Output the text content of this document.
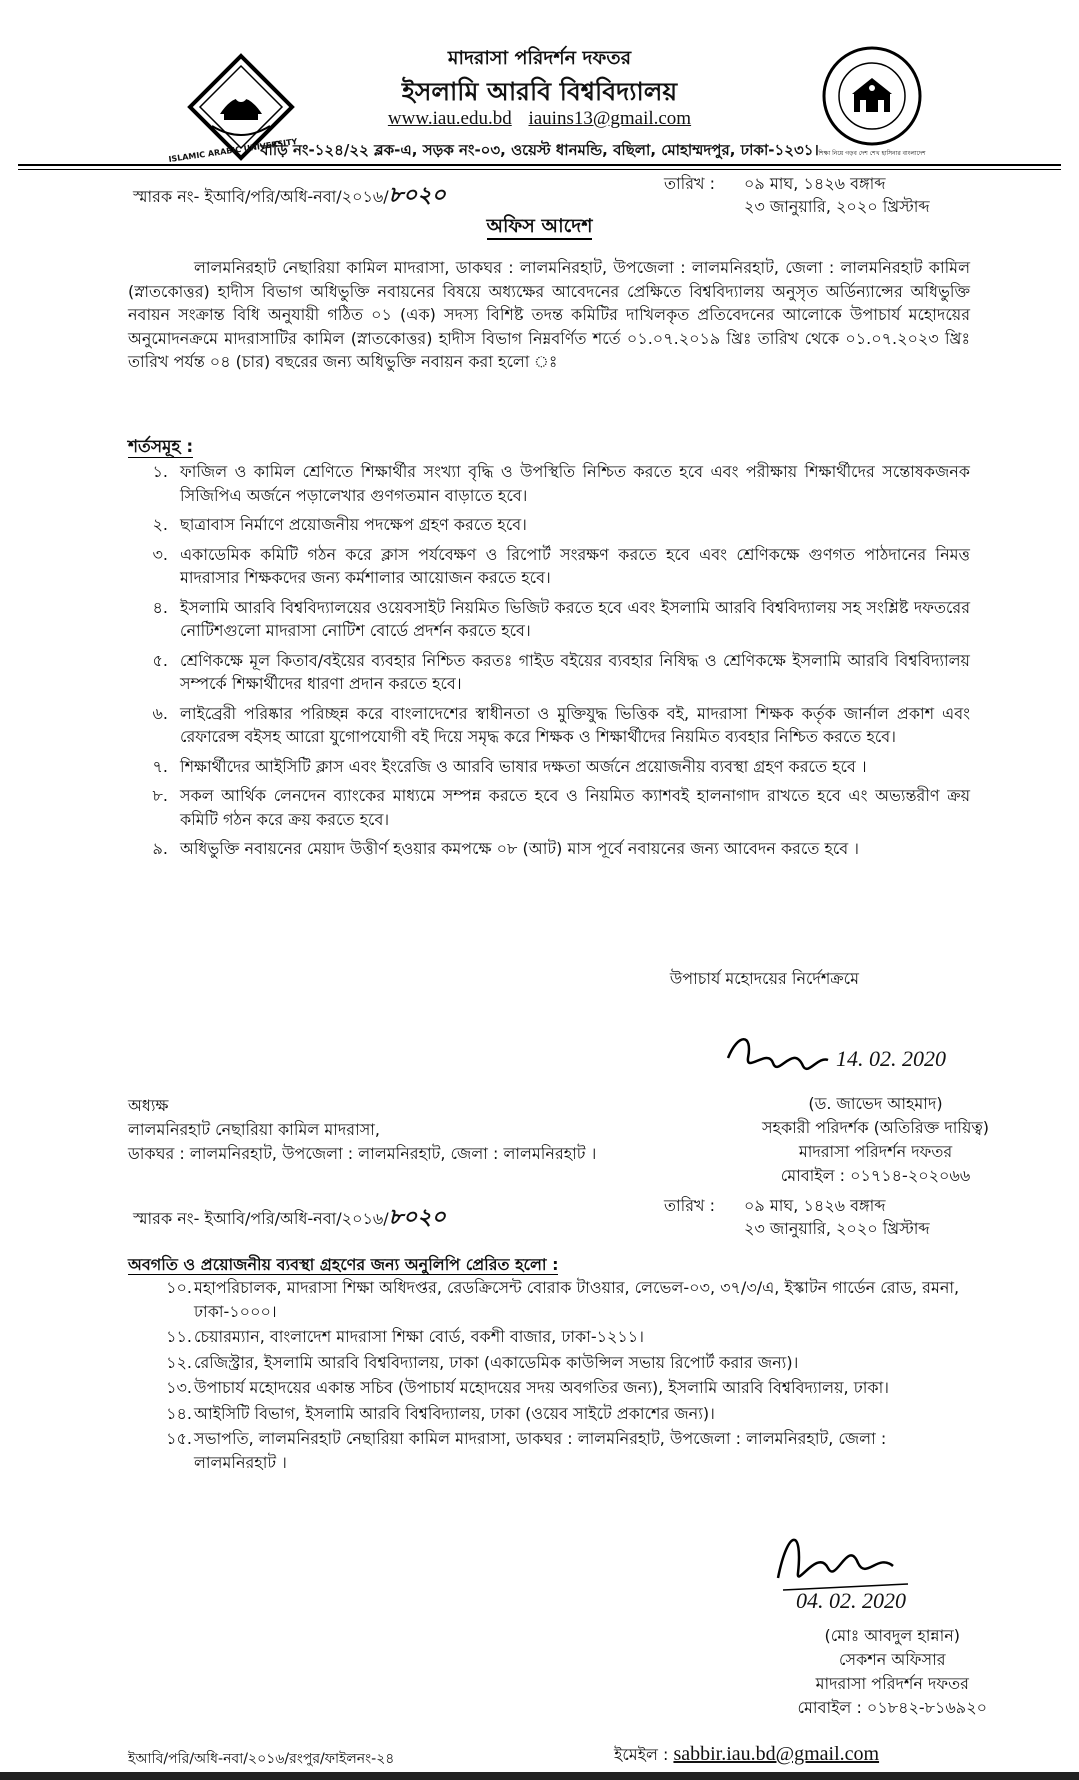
ISLAMIC ARABIC UNIVERSITY	শিক্ষা নিয়ে গড়ব দেশ শেখ হাসিনার বাংলাদেশ
মাদরাসা পরিদর্শন দফতর
ইসলামি আরবি বিশ্ববিদ্যালয়
www.iau.edu.bd iauins13@gmail.com
বাড়ি নং-১২৪/২২ ব্লক-এ, সড়ক নং-০৩, ওয়েস্ট ধানমন্ডি, বছিলা, মোহাম্মদপুর, ঢাকা-১২৩১।
স্মারক নং- ইআবি/পরি/অধি-নবা/২০১৬/৮০২০	তারিখ :	০৯ মাঘ, ১৪২৬ বঙ্গাব্দ
২৩ জানুয়ারি, ২০২০ খ্রিস্টাব্দ
অফিস আদেশ
লালমনিরহাট নেছারিয়া কামিল মাদরাসা, ডাকঘর : লালমনিরহাট, উপজেলা : লালমনিরহাট, জেলা : লালমনিরহাট কামিল (স্নাতকোত্তর) হাদীস বিভাগ অধিভুক্তি নবায়নের বিষয়ে অধ্যক্ষের আবেদনের প্রেক্ষিতে বিশ্ববিদ্যালয় অনুসৃত অর্ডিন্যান্সের অধিভুক্তি নবায়ন সংক্রান্ত বিধি অনুযায়ী গঠিত ০১ (এক) সদস্য বিশিষ্ট তদন্ত কমিটির দাখিলকৃত প্রতিবেদনের আলোকে উপাচার্য মহোদয়ের অনুমোদনক্রমে মাদরাসাটির কামিল (স্নাতকোত্তর) হাদীস বিভাগ নিম্নবর্ণিত শর্তে ০১.০৭.২০১৯ খ্রিঃ তারিখ থেকে ০১.০৭.২০২৩ খ্রিঃ তারিখ পর্যন্ত ০৪ (চার) বছরের জন্য অধিভুক্তি নবায়ন করা হলো ঃ
শর্তসমূহ :
১. ফাজিল ও কামিল শ্রেণিতে শিক্ষার্থীর সংখ্যা বৃদ্ধি ও উপস্থিতি নিশ্চিত করতে হবে এবং পরীক্ষায় শিক্ষার্থীদের সন্তোষকজনক সিজিপিএ অর্জনে পড়ালেখার গুণগতমান বাড়াতে হবে।
২. ছাত্রাবাস নির্মাণে প্রয়োজনীয় পদক্ষেপ গ্রহণ করতে হবে।
৩. একাডেমিক কমিটি গঠন করে ক্লাস পর্যবেক্ষণ ও রিপোর্ট সংরক্ষণ করতে হবে এবং শ্রেণিকক্ষে গুণগত পাঠদানের নিমত্ত মাদরাসার শিক্ষকদের জন্য কর্মশালার আয়োজন করতে হবে।
৪. ইসলামি আরবি বিশ্ববিদ্যালয়ের ওয়েবসাইট নিয়মিত ভিজিট করতে হবে এবং ইসলামি আরবি বিশ্ববিদ্যালয় সহ সংশ্লিষ্ট দফতরের নোটিশগুলো মাদরাসা নোটিশ বোর্ডে প্রদর্শন করতে হবে।
৫. শ্রেণিকক্ষে মূল কিতাব/বইয়ের ব্যবহার নিশ্চিত করতঃ গাইড বইয়ের ব্যবহার নিষিদ্ধ ও শ্রেণিকক্ষে ইসলামি আরবি বিশ্ববিদ্যালয় সম্পর্কে শিক্ষার্থীদের ধারণা প্রদান করতে হবে।
৬. লাইব্রেরী পরিষ্কার পরিচ্ছন্ন করে বাংলাদেশের স্বাধীনতা ও মুক্তিযুদ্ধ ভিত্তিক বই, মাদরাসা শিক্ষক কর্তৃক জার্নাল প্রকাশ এবং রেফারেন্স বইসহ আরো যুগোপযোগী বই দিয়ে সমৃদ্ধ করে শিক্ষক ও শিক্ষার্থীদের নিয়মিত ব্যবহার নিশ্চিত করতে হবে।
৭. শিক্ষার্থীদের আইসিটি ক্লাস এবং ইংরেজি ও আরবি ভাষার দক্ষতা অর্জনে প্রয়োজনীয় ব্যবস্থা গ্রহণ করতে হবে ।
৮. সকল আর্থিক লেনদেন ব্যাংকের মাধ্যমে সম্পন্ন করতে হবে ও নিয়মিত ক্যাশবই হালনাগাদ রাখতে হবে এং অভ্যন্তরীণ ক্রয় কমিটি গঠন করে ক্রয় করতে হবে।
৯. অধিভুক্তি নবায়নের মেয়াদ উত্তীর্ণ হওয়ার কমপক্ষে ০৮ (আট) মাস পূর্বে নবায়নের জন্য আবেদন করতে হবে ।
উপাচার্য মহোদয়ের নির্দেশক্রমে
14. 02. 2020
অধ্যক্ষ
লালমনিরহাট নেছারিয়া কামিল মাদরাসা,
ডাকঘর : লালমনিরহাট, উপজেলা : লালমনিরহাট, জেলা : লালমনিরহাট ।
(ড. জাভেদ আহমাদ)
সহকারী পরিদর্শক (অতিরিক্ত দায়িত্ব)
মাদরাসা পরিদর্শন দফতর
মোবাইল : ০১৭১৪-২০২০৬৬
স্মারক নং- ইআবি/পরি/অধি-নবা/২০১৬/৮০২০	তারিখ :	০৯ মাঘ, ১৪২৬ বঙ্গাব্দ
২৩ জানুয়ারি, ২০২০ খ্রিস্টাব্দ
অবগতি ও প্রয়োজনীয় ব্যবস্থা গ্রহণের জন্য অনুলিপি প্রেরিত হলো :
১০. মহাপরিচালক, মাদরাসা শিক্ষা অধিদপ্তর, রেডক্রিসেন্ট বোরাক টাওয়ার, লেভেল-০৩, ৩৭/৩/এ, ইস্কাটন গার্ডেন রোড, রমনা, ঢাকা-১০০০।
১১. চেয়ারম্যান, বাংলাদেশ মাদরাসা শিক্ষা বোর্ড, বকশী বাজার, ঢাকা-১২১১।
১২. রেজিস্ট্রার, ইসলামি আরবি বিশ্ববিদ্যালয়, ঢাকা (একাডেমিক কাউন্সিল সভায় রিপোর্ট করার জন্য)।
১৩. উপাচার্য মহোদয়ের একান্ত সচিব (উপাচার্য মহোদয়ের সদয় অবগতির জন্য), ইসলামি আরবি বিশ্ববিদ্যালয়, ঢাকা।
১৪. আইসিটি বিভাগ, ইসলামি আরবি বিশ্ববিদ্যালয়, ঢাকা (ওয়েব সাইটে প্রকাশের জন্য)।
১৫. সভাপতি, লালমনিরহাট নেছারিয়া কামিল মাদরাসা, ডাকঘর : লালমনিরহাট, উপজেলা : লালমনিরহাট, জেলা : লালমনিরহাট ।
04. 02. 2020
(মোঃ আবদুল হান্নান)
সেকশন অফিসার
মাদরাসা পরিদর্শন দফতর
মোবাইল : ০১৮৪২-৮১৬৯২০
ইআবি/পরি/অধি-নবা/২০১৬/রংপুর/ফাইলনং-২৪	ইমেইল : sabbir.iau.bd@gmail.com
